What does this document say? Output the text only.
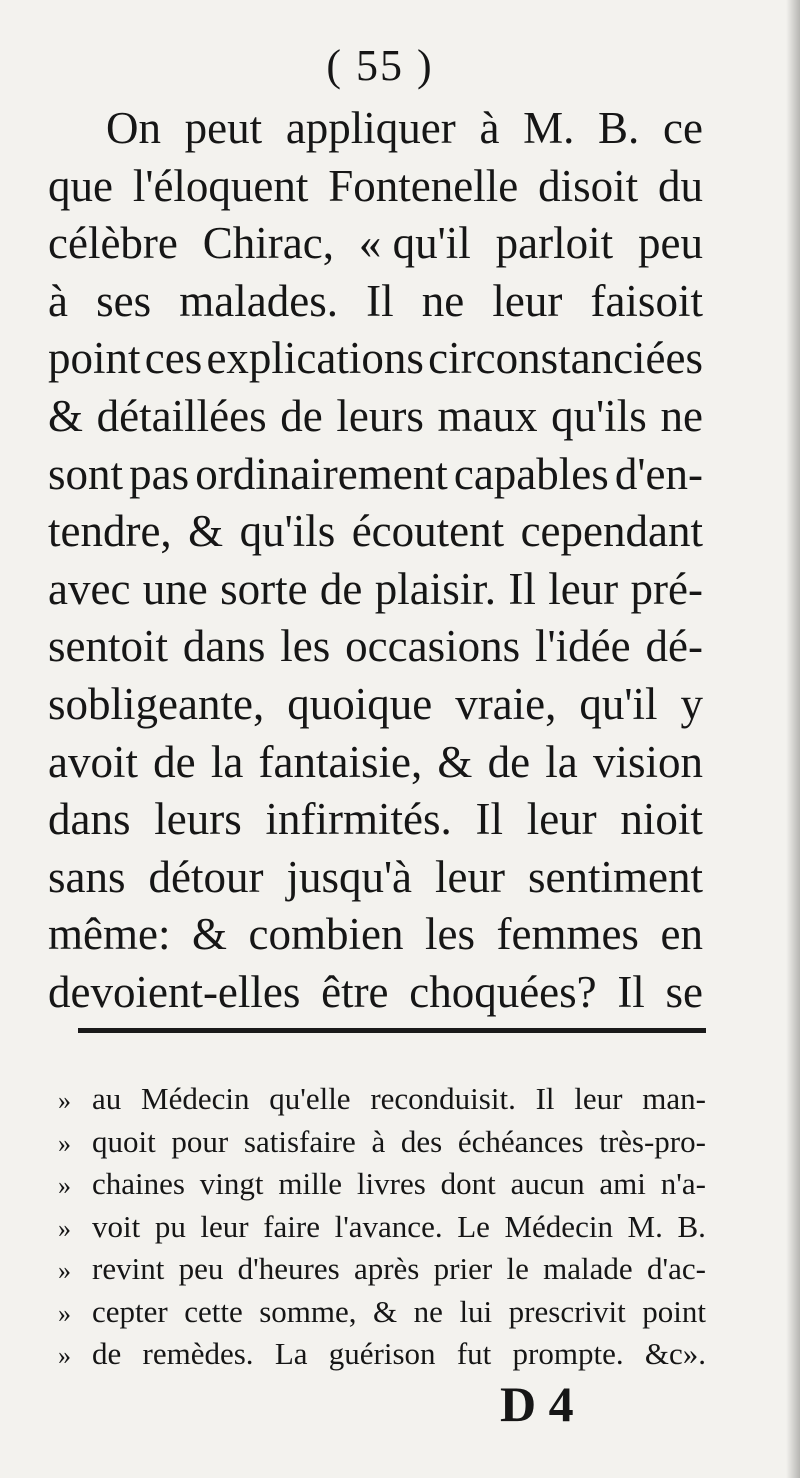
( 55 )
On peut appliquer à M. B. ce
que l'éloquent Fontenelle disoit du
célèbre Chirac, « qu'il parloit peu
à ses malades. Il ne leur faisoit
point ces explications circonstanciées
& détaillées de leurs maux qu'ils ne
sont pas ordinairement capables d'en-
tendre, & qu'ils écoutent cependant
avec une sorte de plaisir. Il leur pré-
sentoit dans les occasions l'idée dé-
sobligeante, quoique vraie, qu'il y
avoit de la fantaisie, & de la vision
dans leurs infirmités. Il leur nioit
sans détour jusqu'à leur sentiment
même: & combien les femmes en
devoient-elles être choquées? Il se
» au Médecin qu'elle reconduisit. Il leur man-
» quoit pour satisfaire à des échéances très-pro-
» chaines vingt mille livres dont aucun ami n'a-
» voit pu leur faire l'avance. Le Médecin M. B.
» revint peu d'heures après prier le malade d'ac-
» cepter cette somme, & ne lui prescrivit point
» de remèdes. La guérison fut prompte. &c».
D 4
